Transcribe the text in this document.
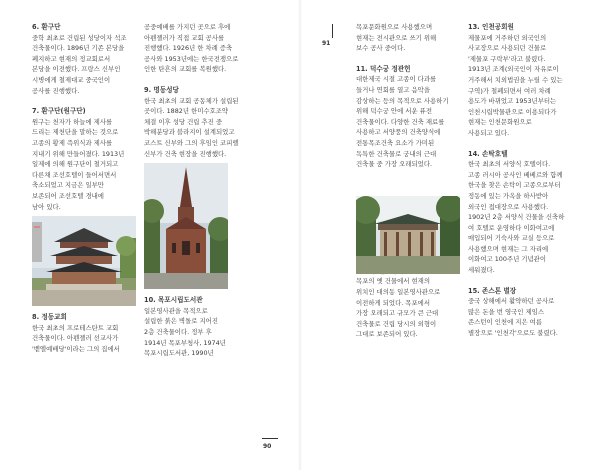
6. 환구단

중학 최초로 건립된 성당이자 석조
건축물이다. 1896년 기존 본당을
폐지하고 현재의 정교회로서
본당을 이전했다. 프랑스 신부인
시병에게 철제대교 중국인이
공사를 진행했다.

7. 환구단(원구단)

원구는 천자가 하늘에 제사를
드리는 제천단을 말하는 것으로
고종의 황제 즉위식과 제사를
지내기 위해 만들어졌다. 1913년
일제에 의해 원구단이 철거되고
다른채 조선호텔이 들어서면서
축소되었고 지금은 일부만
보존되어 조선호텔 경내에
남아 있다.

8. 정동교회

한국 최초의 프로테스탄트 교회
건축물이다. 아펜젤러 선교사가
'벧엘예배당'이라는 그의 집에서

공중예배를 가지던 곳으로 후에
아펜젤러가 직접 교회 공사를
진행했다. 1926년 한 차례 증축
공사와 1953년에는 한국전쟁으로
인한 탄흔의 교회를 복원했다.

9. 명동성당

한국 최초의 교회 공동체가 설립된
곳이다. 1882년 한미수호조약
체결 이후 성당 건립 추진 중
박해분당과 블라지이 설계되었고
코스트 신부와 그의 후임인 코피렐
신부가 건축 현장을 진행했다.

10. 목포시립도서관

일본영사관을 목적으로
설립한 붉은 벽돌로 지어진
2층 건축물이다. 정부 후
1914년 목포부청사, 1974년
목포시립도서관, 1990년

목포문화원으로 사용했으며
현재는 전시관으로 쓰기 위해
보수 공사 중이다.

11. 덕수궁 정관헌

대한제국 시절 고종이 다과를
들거나 연회를 열고 음악을
감상하는 등의 목적으로 사용하기
위해 덕수궁 안에 서운 퓨전
건축물이다. 다양한 건축 재료를
사용하고 서양풍의 건축양식에
전통목조건축 요소가 가미된
독특한 건축물로 궁내의 근대
건축물 중 가장 오래되었다.

목포의 옛 건물에서 현재의
위치인 대의동 일본영사관으로
이전하게 되었다. 목포에서
가장 오래되고 규모가 큰 근대
건축물로 건립 당시의 외형이
그대로 보존되어 있다.

13. 인천공회원

제물포에 거주하던 외국인의
사교장으로 사용되던 건물로
'제물포 구락부'라고 불렸다.
1913년 조계(외국인이 자유로이
거주해서 치외법권을 누릴 수 있는
구역)가 철폐되면서 여러 차례
용도가 바뀌었고 1953년부터는
인천시립박물관으로 이용되다가
현재는 인천문화원으로
사용되고 있다.

14. 손탁호텔

한국 최초의 서양식 호텔이다.
고종 러시아 공사인 베베르와 함께
한국을 찾은 손탁이 고종으로부터
정동에 있는 가옥을 하사받아
외국인 접대장으로 사용했다.
1902년 2층 서양식 건물을 신축하
여 호텔로 운영하다 이화여고에
매입되어 기숙사와 교실 등으로
사용했으며 현재는 그 자리에
이화여고 100주년 기념관이
세워졌다.

15. 존스톤 별장

중국 상해에서 활약하던 공사로
많은 돈을 번 영국인 제임스
존스턴이 인천에 지은 여름
별장으로 '인천각'으로도 불렸다.

91
90
